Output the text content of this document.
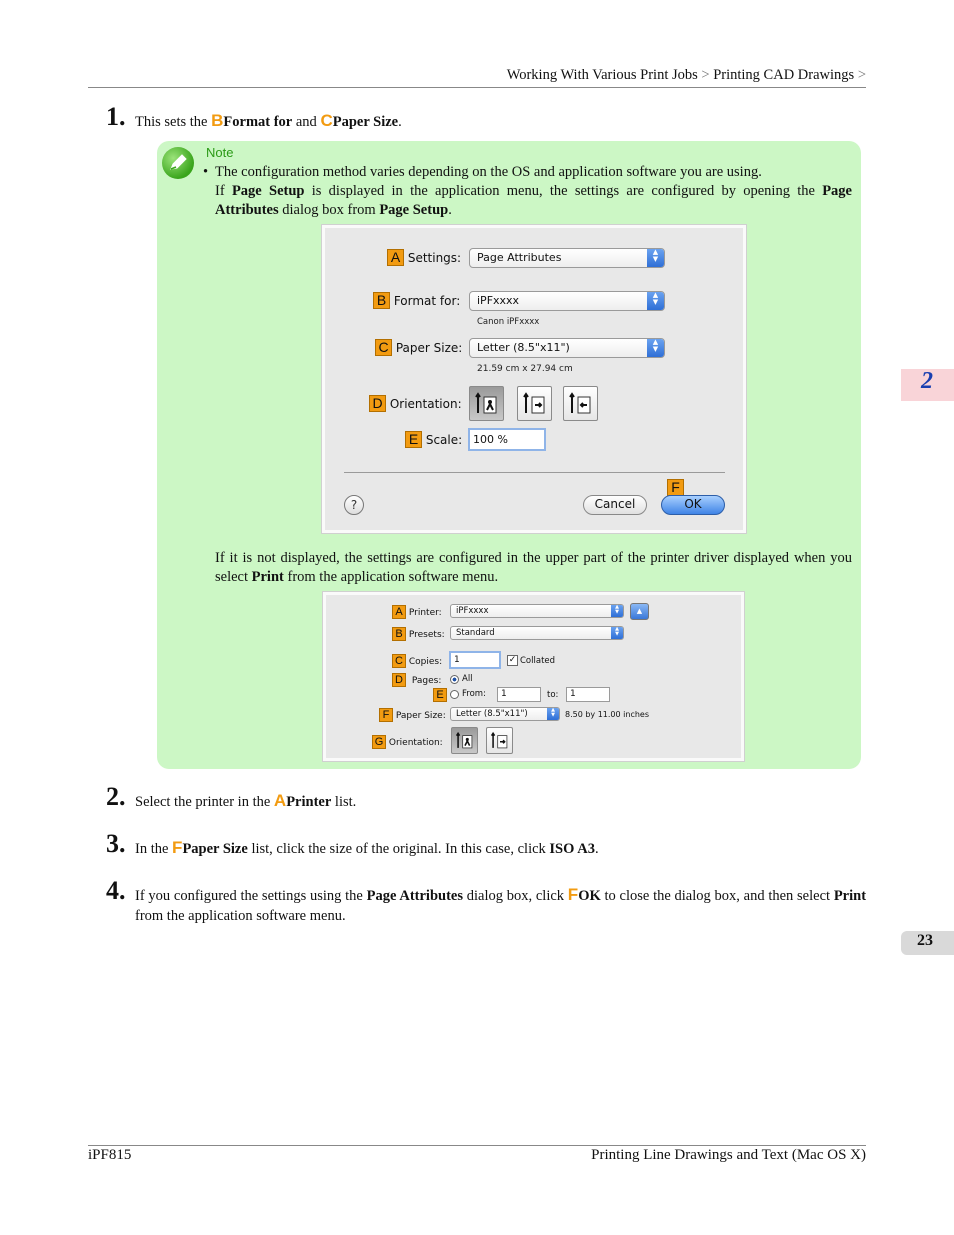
Working With Various Print Jobs > Printing CAD Drawings >
2
23
1. This sets the BFormat for and CPaper Size.
Note
• The configuration method varies depending on the OS and application software you are using.
If Page Setup is displayed in the application menu, the settings are configured by opening the Page Attributes dialog box from Page Setup.
A Settings:	Page Attributes	▲
▼
B Format for:	iPFxxxx	▲
▼
Canon iPFxxxx
C Paper Size:	Letter (8.5"x11")	▲
▼
21.59 cm x 27.94 cm
D Orientation:
E Scale: 100 %
?	Cancel
F
OK
If it is not displayed, the settings are configured in the upper part of the printer driver displayed when you select Print from the application software menu.
A Printer:	iPFxxxx	▲
▼	▲
B Presets:	Standard	▲
▼
C Copies:	1	✓ Collated
D Pages: All
E	From:	1	to:	1
F Paper Size:	Letter (8.5"x11")	▲
▼	8.50 by 11.00 inches
G Orientation:
2. Select the printer in the APrinter list.
3. In the FPaper Size list, click the size of the original. In this case, click ISO A3.
4. If you configured the settings using the Page Attributes dialog box, click FOK to close the dialog box, and then select Print from the application software menu.
iPF815	Printing Line Drawings and Text (Mac OS X)
